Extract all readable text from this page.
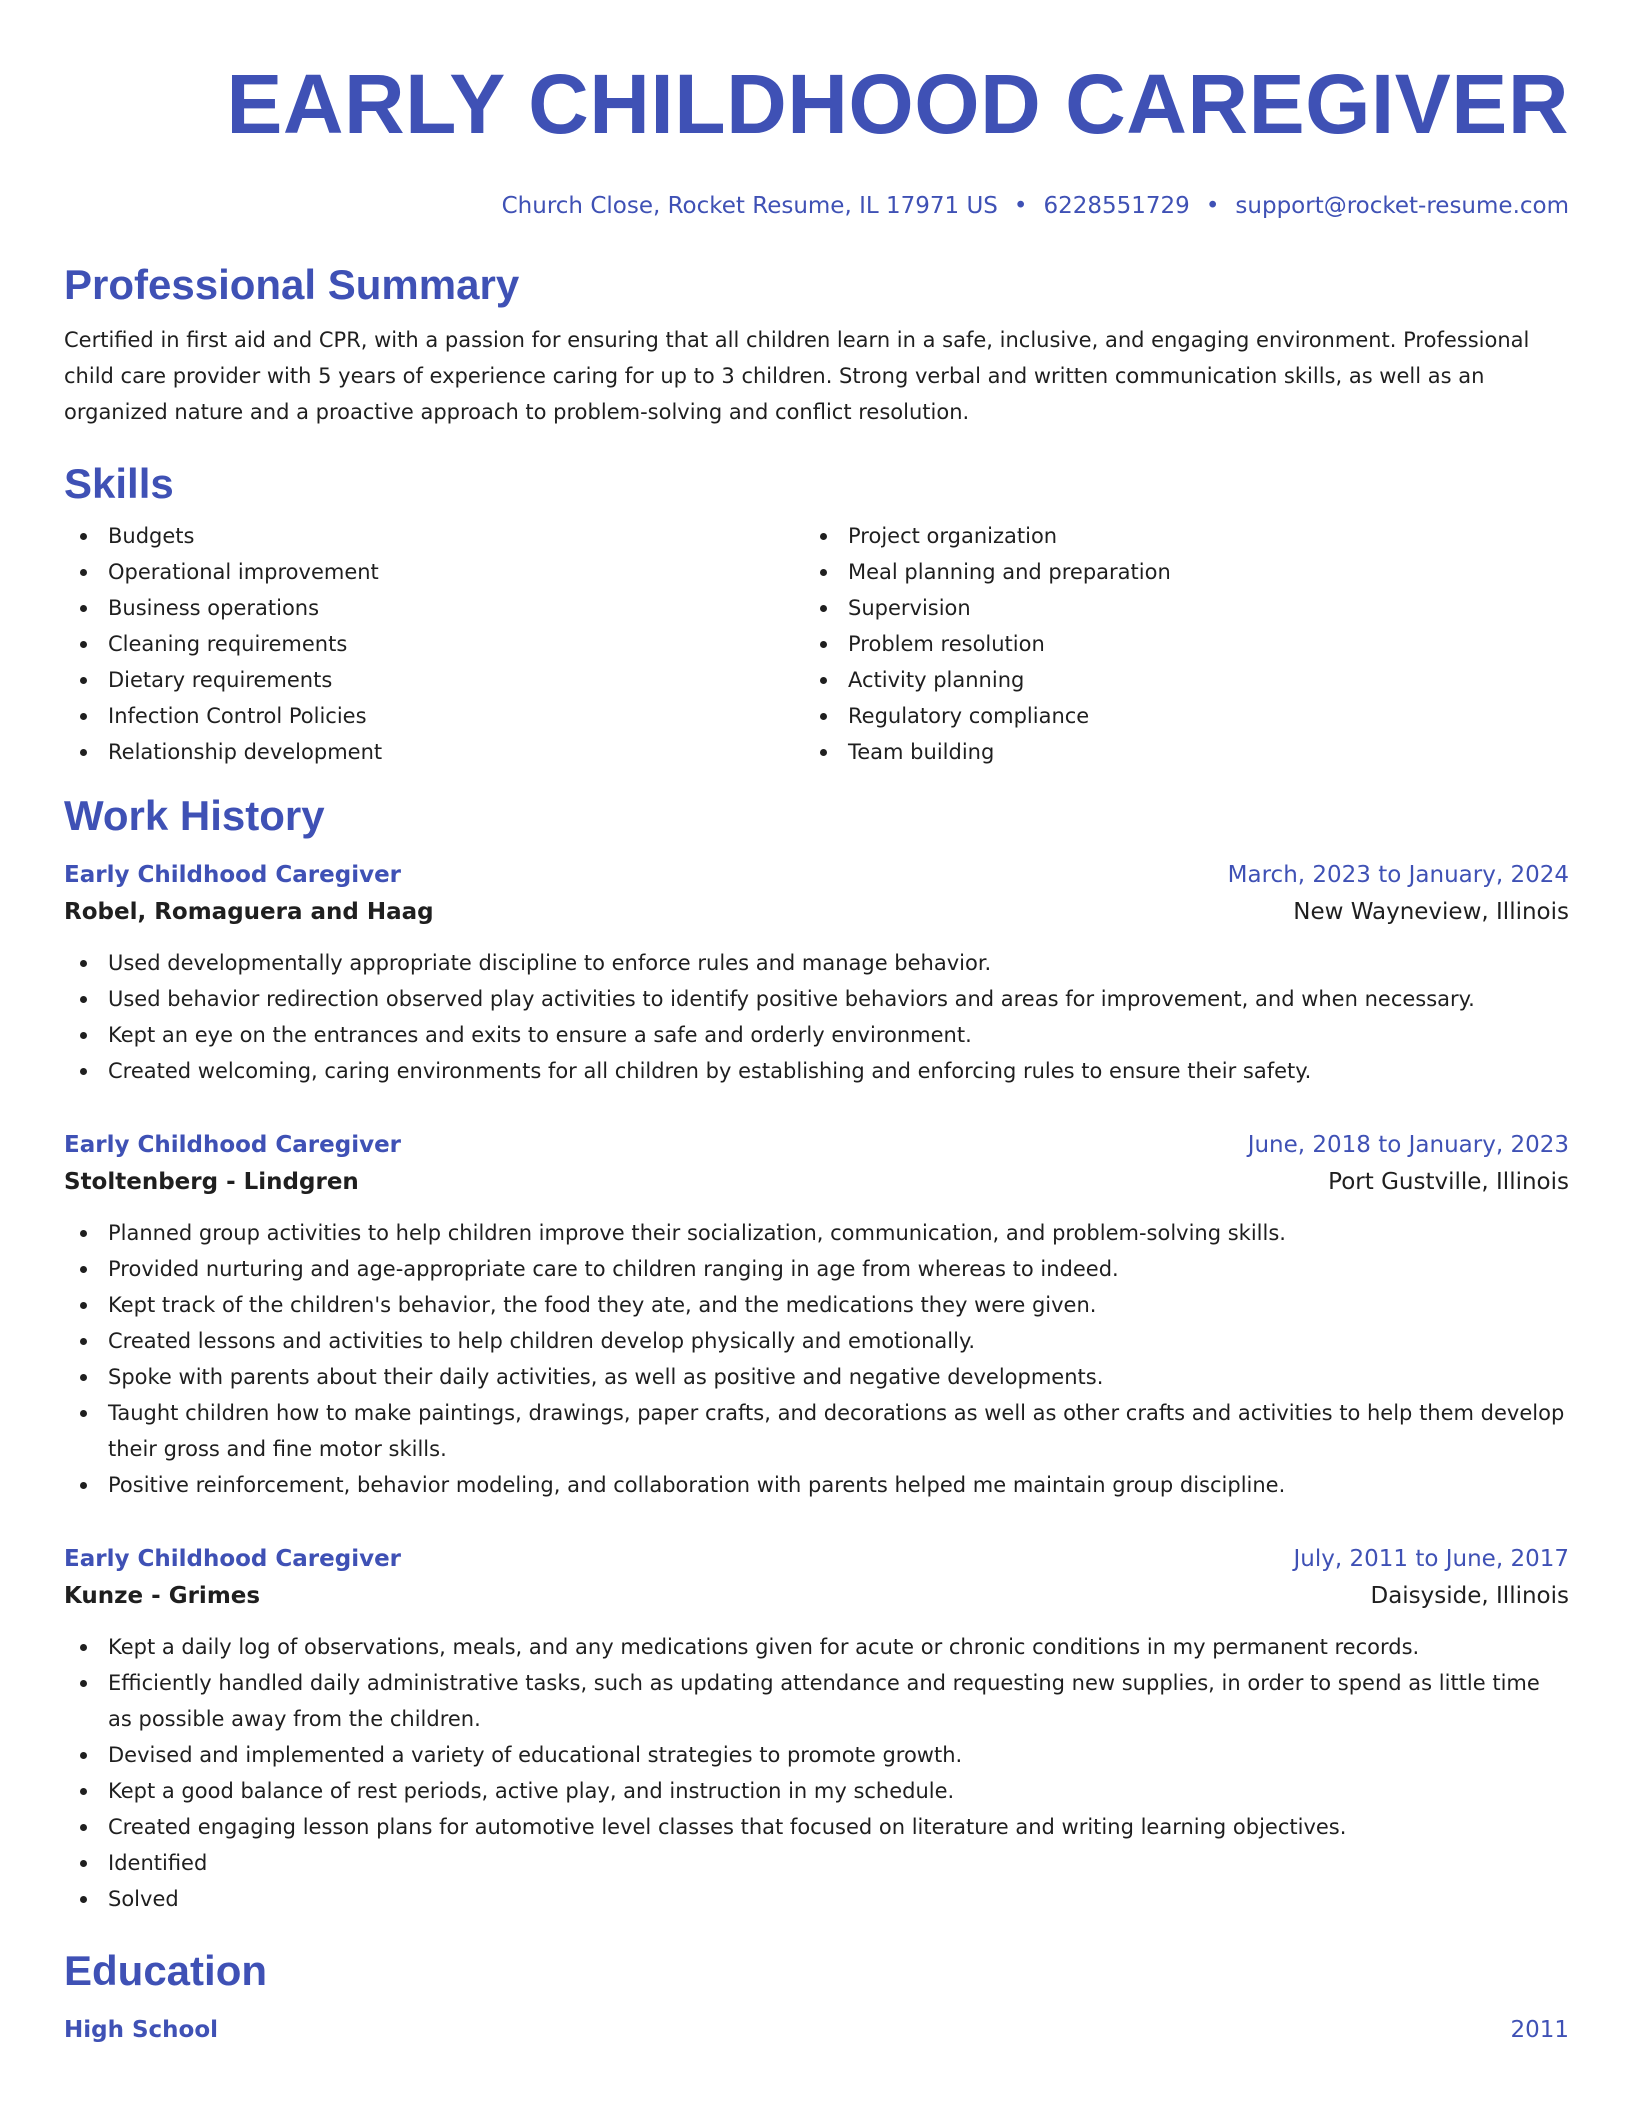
EARLY CHILDHOOD CAREGIVER
Church Close, Rocket Resume, IL 17971 US • 6228551729 • support@rocket-resume.com
Professional Summary

Certified in first aid and CPR, with a passion for ensuring that all children learn in a safe, inclusive, and engaging environment. Professional child care provider with 5 years of experience caring for up to 3 children. Strong verbal and written communication skills, as well as an organized nature and a proactive approach to problem-solving and conflict resolution.

Skills
Budgets
Operational improvement
Business operations
Cleaning requirements
Dietary requirements
Infection Control Policies
Relationship development
Project organization
Meal planning and preparation
Supervision
Problem resolution
Activity planning
Regulatory compliance
Team building
Work History
Early Childhood Caregiver	March, 2023 to January, 2024
Robel, Romaguera and Haag	New Wayneview, Illinois
Used developmentally appropriate discipline to enforce rules and manage behavior.
Used behavior redirection observed play activities to identify positive behaviors and areas for improvement, and when necessary.
Kept an eye on the entrances and exits to ensure a safe and orderly environment.
Created welcoming, caring environments for all children by establishing and enforcing rules to ensure their safety.
Early Childhood Caregiver	June, 2018 to January, 2023
Stoltenberg - Lindgren	Port Gustville, Illinois
Planned group activities to help children improve their socialization, communication, and problem-solving skills.
Provided nurturing and age-appropriate care to children ranging in age from whereas to indeed.
Kept track of the children's behavior, the food they ate, and the medications they were given.
Created lessons and activities to help children develop physically and emotionally.
Spoke with parents about their daily activities, as well as positive and negative developments.
Taught children how to make paintings, drawings, paper crafts, and decorations as well as other crafts and activities to help them develop their gross and fine motor skills.
Positive reinforcement, behavior modeling, and collaboration with parents helped me maintain group discipline.
Early Childhood Caregiver	July, 2011 to June, 2017
Kunze - Grimes	Daisyside, Illinois
Kept a daily log of observations, meals, and any medications given for acute or chronic conditions in my permanent records.
Efficiently handled daily administrative tasks, such as updating attendance and requesting new supplies, in order to spend as little time as possible away from the children.
Devised and implemented a variety of educational strategies to promote growth.
Kept a good balance of rest periods, active play, and instruction in my schedule.
Created engaging lesson plans for automotive level classes that focused on literature and writing learning objectives.
Identified
Solved
Education
High School	2011
